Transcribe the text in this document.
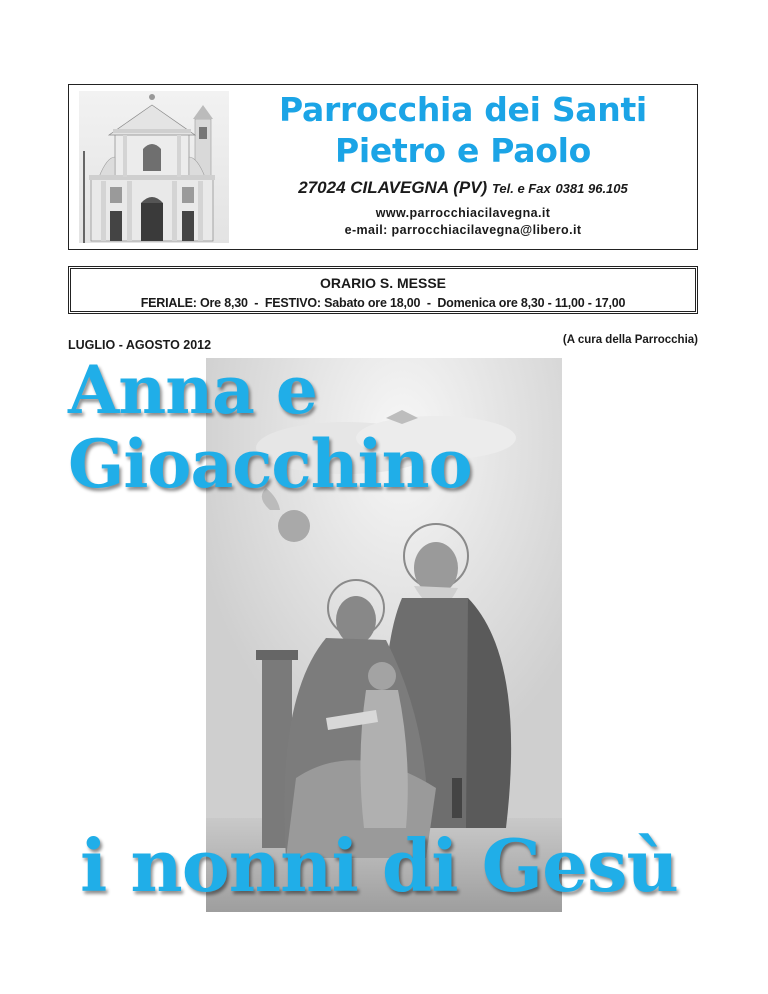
Parrocchia dei Santi
Pietro e Paolo
27024 CILAVEGNA (PV) Tel. e Fax 0381 96.105
www.parrocchiacilavegna.it
e-mail: parrocchiacilavegna@libero.it
ORARIO S. MESSE
FERIALE: Ore 8,30  -  FESTIVO: Sabato ore 18,00  -  Domenica ore 8,30 - 11,00 - 17,00
LUGLIO - AGOSTO 2012	(A cura della Parrocchia)
Anna e
Gioacchino
i nonni di Gesù
